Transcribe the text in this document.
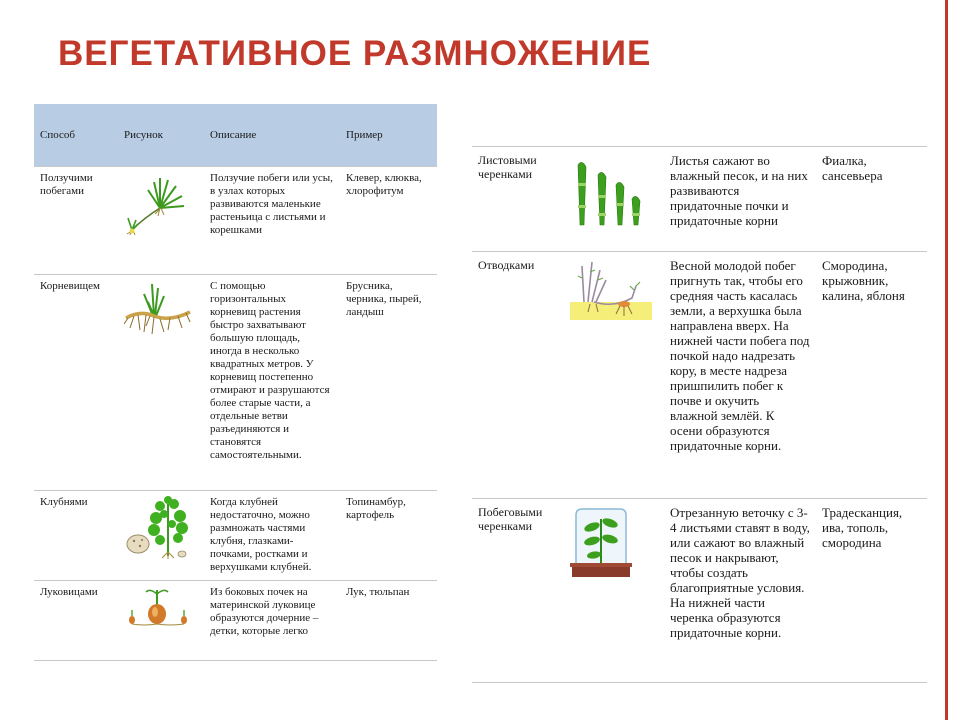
ВЕГЕТАТИВНОЕ РАЗМНОЖЕНИЕ
Способ	Рисунок	Описание	Пример
Ползучими побегами		Ползучие побеги или усы, в узлах которых развиваются маленькие растеньица с листьями и корешками	Клевер, клюква, хлорофитум
Корневищем		С помощью горизонтальных корневищ растения быстро захватывают большую площадь, иногда в несколько квадратных метров. У корневищ постепенно отмирают и разрушаются более старые части, а отдельные ветви разъединяются и становятся самостоятельными.	Брусника, черника, пырей, ландыш
Клубнями		Когда клубней недостаточно, можно размножать частями клубня, глазками-почками, ростками и верхушками клубней.	Топинамбур, картофель
Луковицами		Из боковых почек на материнской луковице образуются дочерние – детки, которые легко	Лук, тюльпан
Листовыми черенками		Листья сажают во влажный песок, и на них развиваются придаточные почки и придаточные корни	Фиалка, сансевьера
Отводками		Весной молодой побег пригнуть так, чтобы его средняя часть касалась земли, а верхушка была направлена вверх. На нижней части побега под почкой надо надрезать кору, в месте надреза пришпилить побег к почве и окучить влажной землёй. К осени образуются придаточные корни.	Смородина, крыжовник, калина, яблоня
Побеговыми черенками		Отрезанную веточку с 3-4 листьями ставят в воду, или сажают во влажный песок и накрывают, чтобы создать благоприятные условия. На нижней части черенка образуются придаточные корни.	Традесканция, ива, тополь, смородина
